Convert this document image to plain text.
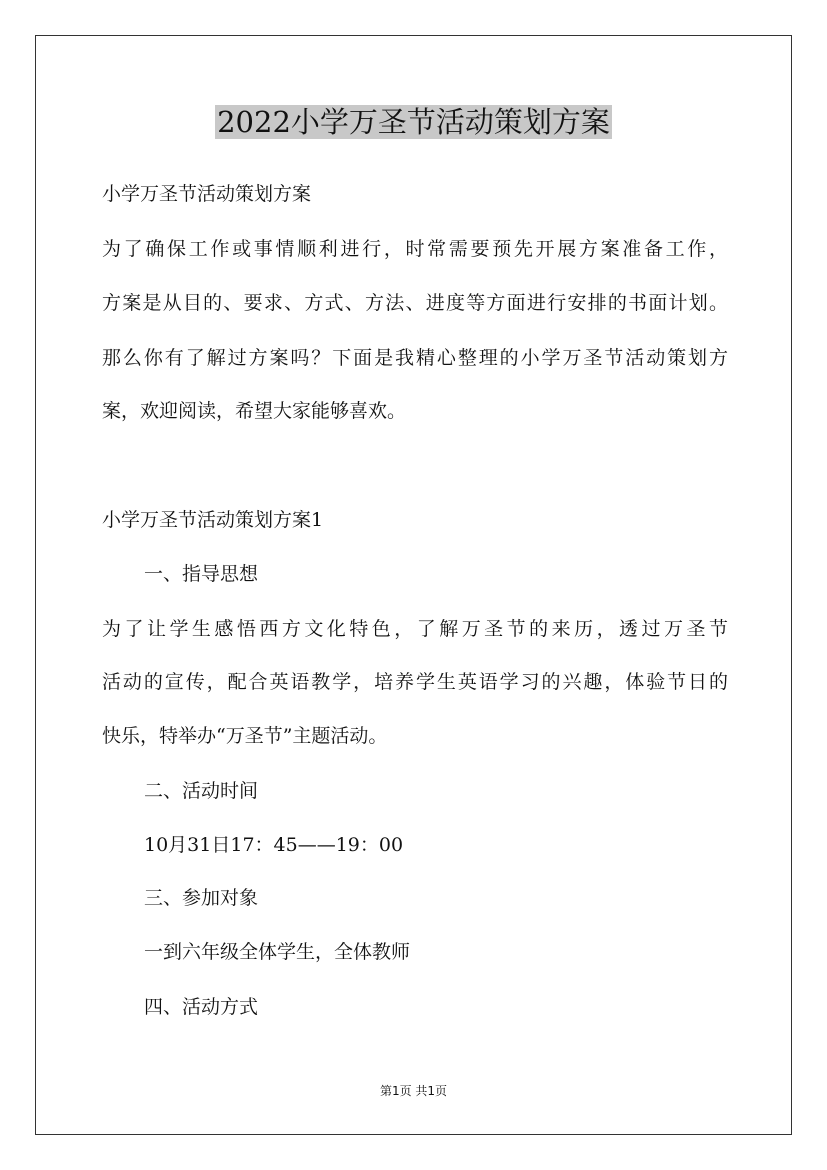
2022小学万圣节活动策划方案
小学万圣节活动策划方案
为了确保工作或事情顺利进行，时常需要预先开展方案准备工作，
方案是从目的、要求、方式、方法、进度等方面进行安排的书面计划。
那么你有了解过方案吗？下面是我精心整理的小学万圣节活动策划方
案，欢迎阅读，希望大家能够喜欢。
小学万圣节活动策划方案1
一、指导思想
为了让学生感悟西方文化特色，了解万圣节的来历，透过万圣节
活动的宣传，配合英语教学，培养学生英语学习的兴趣，体验节日的
快乐，特举办“万圣节”主题活动。
二、活动时间
10月31日17：45——19：00
三、参加对象
一到六年级全体学生，全体教师
四、活动方式
第1页 共1页
